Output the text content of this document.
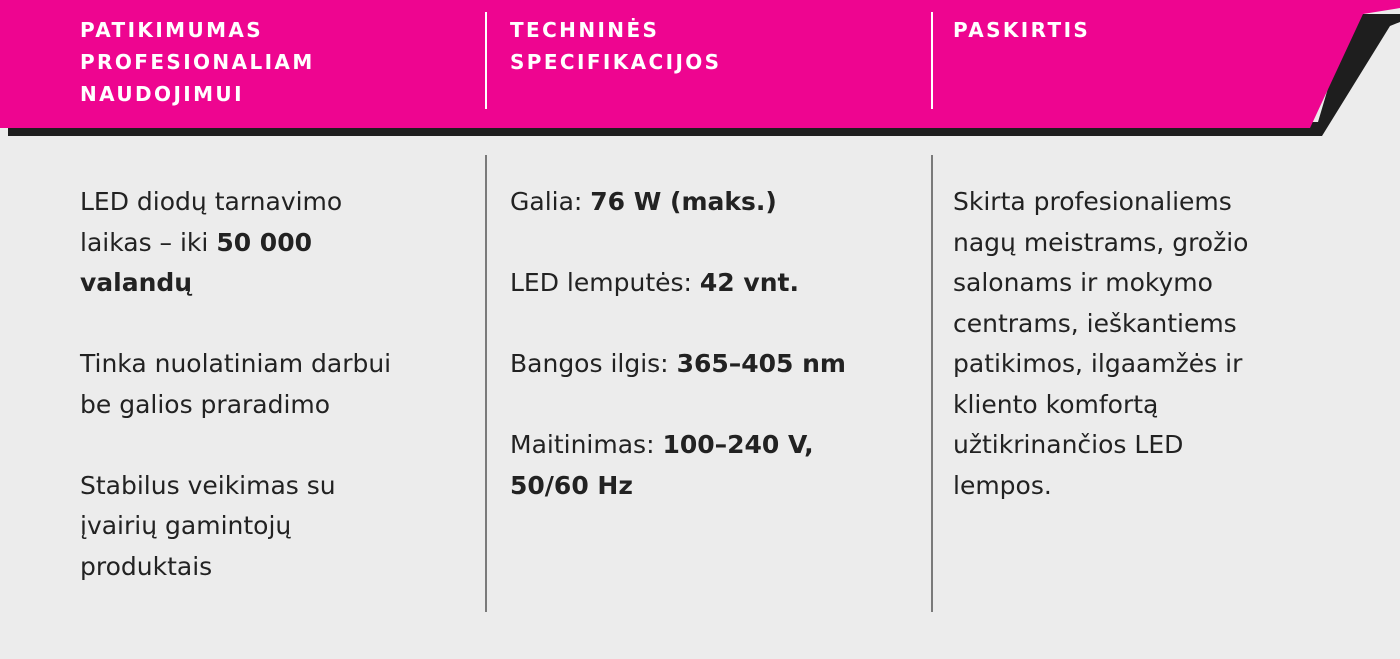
PATIKIMUMAS
PROFESIONALIAM
NAUDOJIMUI
TECHNINĖS
SPECIFIKACIJOS
PASKIRTIS

LED diodų tarnavimo
laikas – iki 50 000
valandų

Tinka nuolatiniam darbui
be galios praradimo

Stabilus veikimas su
įvairių gamintojų
produktais

Galia: 76 W (maks.)

LED lemputės: 42 vnt.

Bangos ilgis: 365–405 nm

Maitinimas: 100–240 V,
50/60 Hz

Skirta profesionaliems
nagų meistrams, grožio
salonams ir mokymo
centrams, ieškantiems
patikimos, ilgaamžės ir
kliento komfortą
užtikrinančios LED
lempos.
